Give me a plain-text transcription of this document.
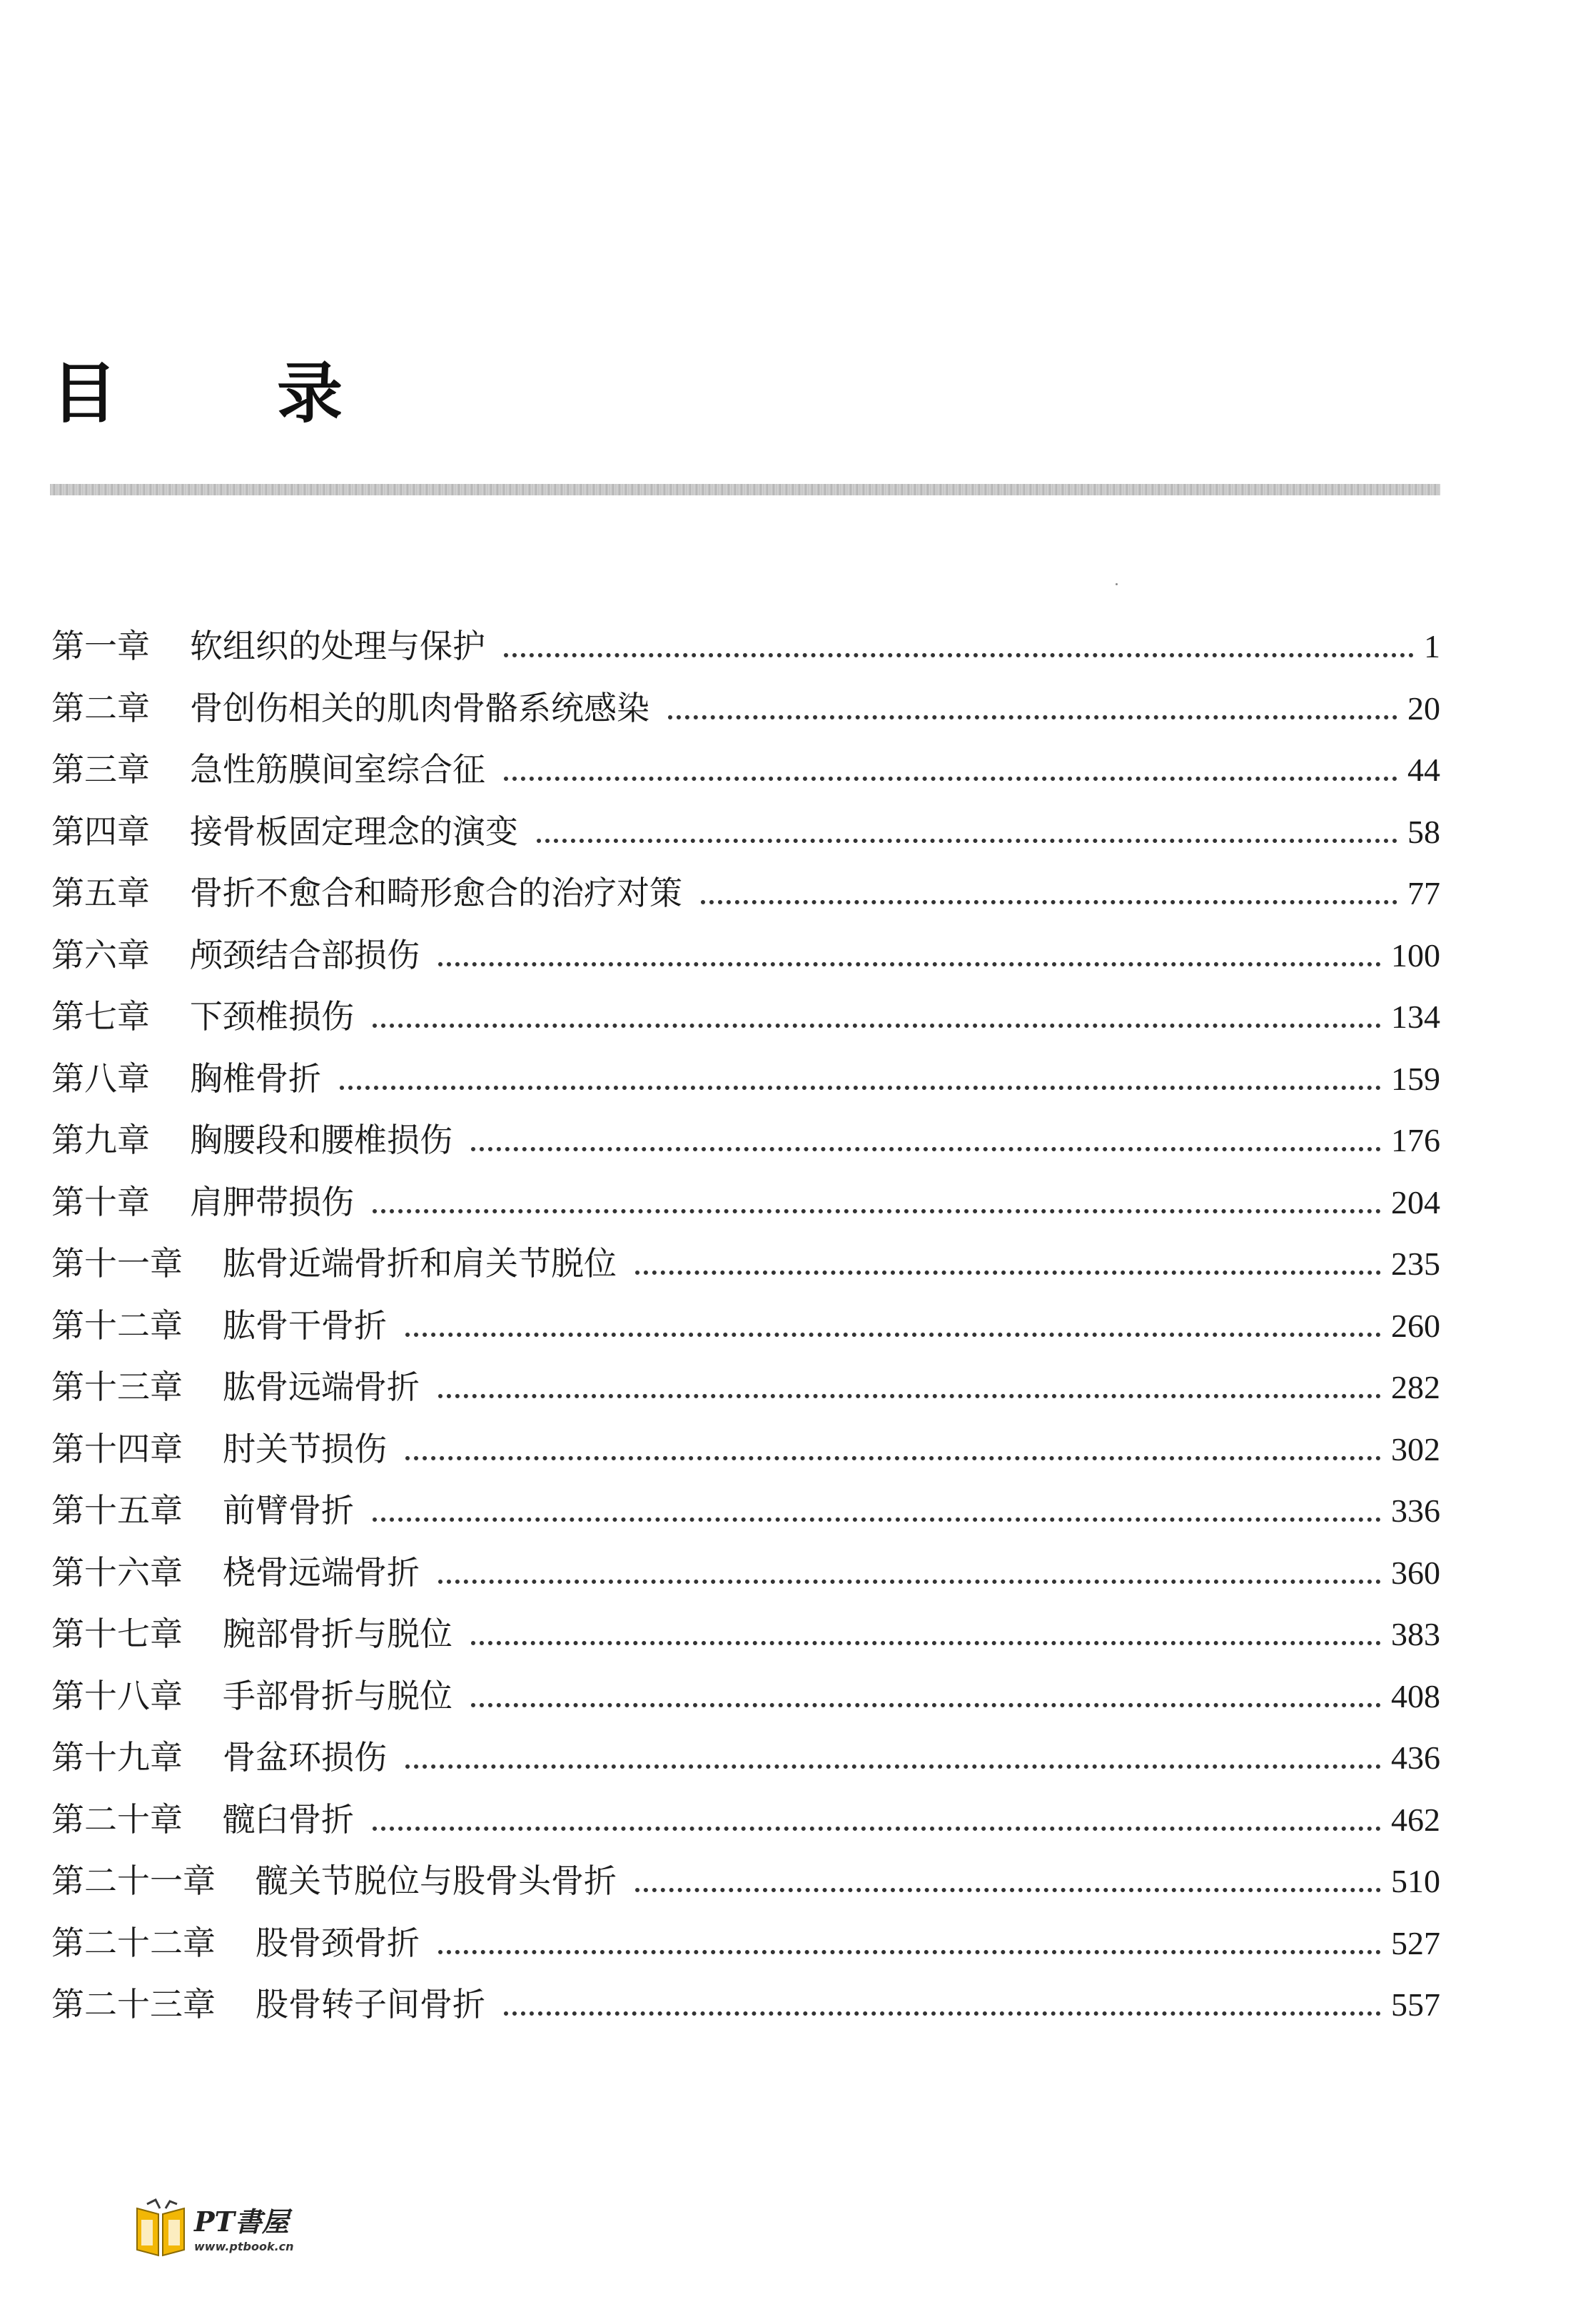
目 录
第一章	软组织的处理与保护	1
第二章	骨创伤相关的肌肉骨骼系统感染	20
第三章	急性筋膜间室综合征	44
第四章	接骨板固定理念的演变	58
第五章	骨折不愈合和畸形愈合的治疗对策	77
第六章	颅颈结合部损伤	100
第七章	下颈椎损伤	134
第八章	胸椎骨折	159
第九章	胸腰段和腰椎损伤	176
第十章	肩胛带损伤	204
第十一章	肱骨近端骨折和肩关节脱位	235
第十二章	肱骨干骨折	260
第十三章	肱骨远端骨折	282
第十四章	肘关节损伤	302
第十五章	前臂骨折	336
第十六章	桡骨远端骨折	360
第十七章	腕部骨折与脱位	383
第十八章	手部骨折与脱位	408
第十九章	骨盆环损伤	436
第二十章	髋臼骨折	462
第二十一章	髋关节脱位与股骨头骨折	510
第二十二章	股骨颈骨折	527
第二十三章	股骨转子间骨折	557
PT書屋
www.ptbook.cn
